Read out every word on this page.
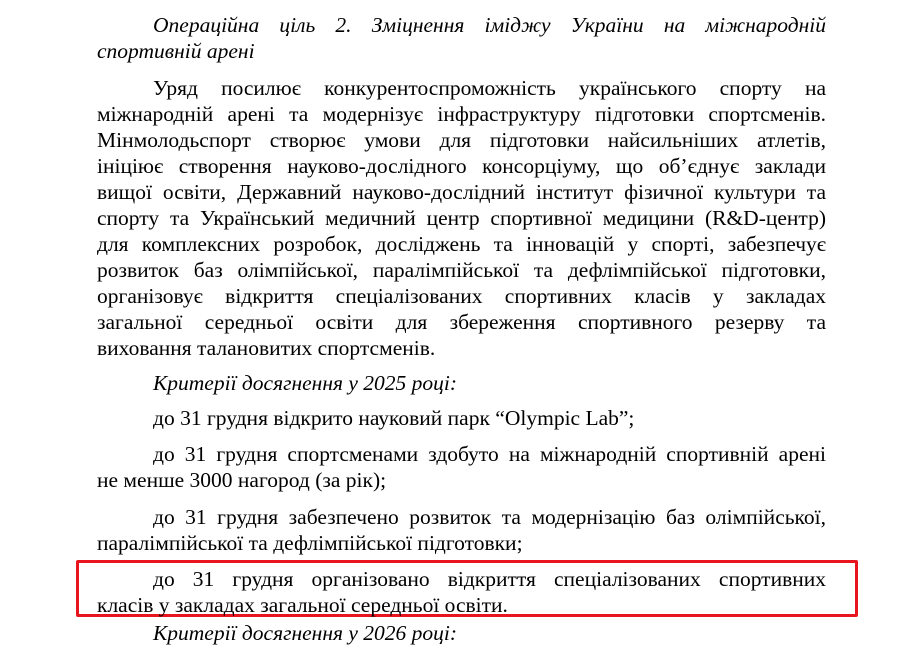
Операційна ціль 2. Зміцнення іміджу України на міжнародній
спортивній арені
Уряд посилює конкурентоспроможність українського спорту на
міжнародній арені та модернізує інфраструктуру підготовки спортсменів.
Мінмолодьспорт створює умови для підготовки найсильніших атлетів,
ініціює створення науково-дослідного консорціуму, що об’єднує заклади
вищої освіти, Державний науково-дослідний інститут фізичної культури та
спорту та Український медичний центр спортивної медицини (R&D-центр)
для комплексних розробок, досліджень та інновацій у спорті, забезпечує
розвиток баз олімпійської, паралімпійської та дефлімпійської підготовки,
організовує відкриття спеціалізованих спортивних класів у закладах
загальної середньої освіти для збереження спортивного резерву та
виховання талановитих спортсменів.
Критерії досягнення у 2025 році:
до 31 грудня відкрито науковий парк “Olympic Lab”;
до 31 грудня спортсменами здобуто на міжнародній спортивній арені
не менше 3000 нагород (за рік);
до 31 грудня забезпечено розвиток та модернізацію баз олімпійської,
паралімпійської та дефлімпійської підготовки;
до 31 грудня організовано відкриття спеціалізованих спортивних
класів у закладах загальної середньої освіти.
Критерії досягнення у 2026 році:
